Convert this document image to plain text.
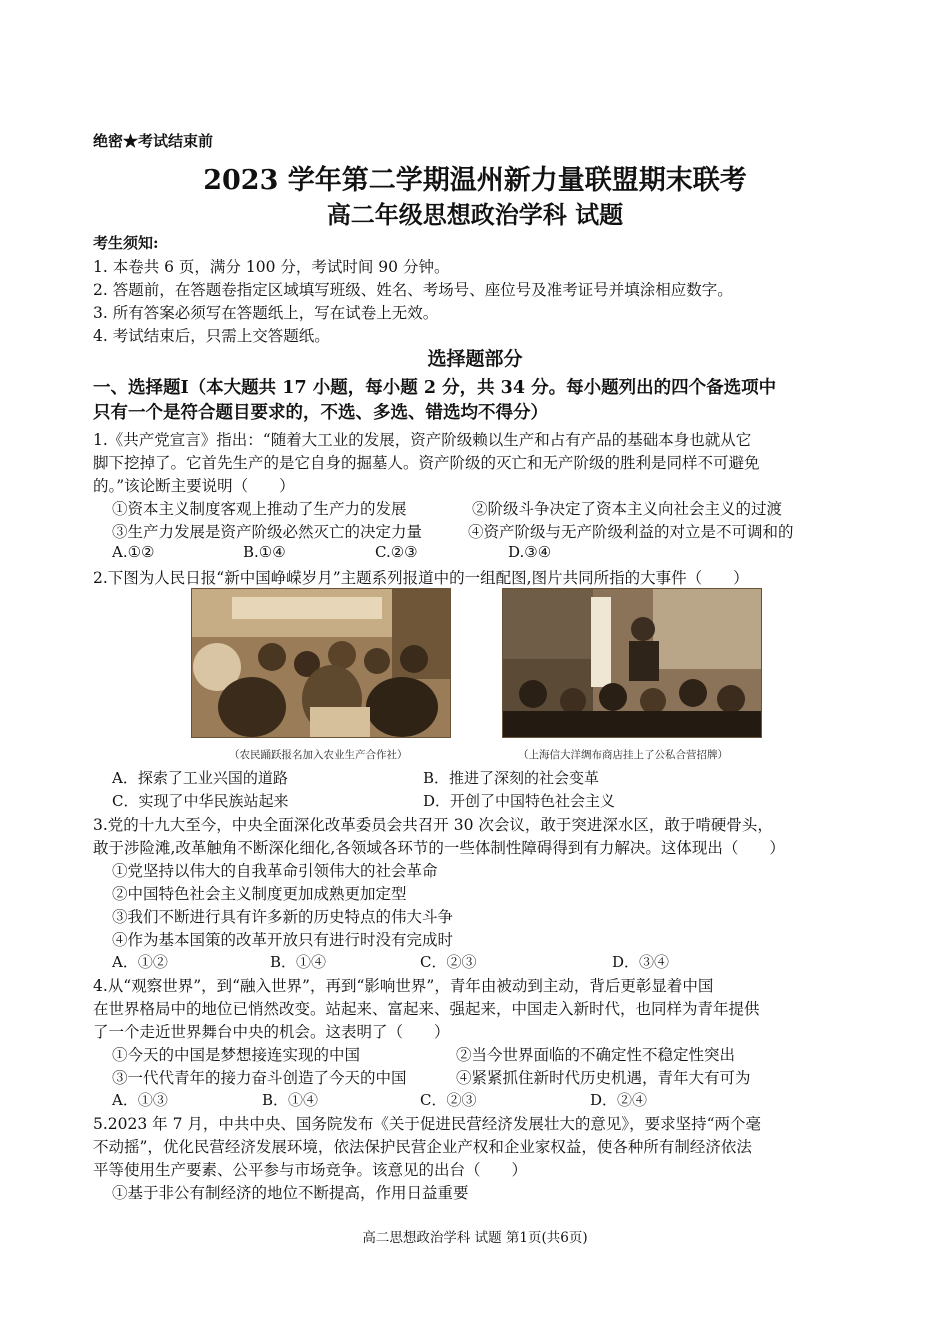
绝密★考试结束前
2023 学年第二学期温州新力量联盟期末联考
高二年级思想政治学科 试题
考生须知:
1. 本卷共 6 页，满分 100 分，考试时间 90 分钟。
2. 答题前，在答题卷指定区域填写班级、姓名、考场号、座位号及准考证号并填涂相应数字。
3. 所有答案必须写在答题纸上，写在试卷上无效。
4. 考试结束后，只需上交答题纸。
选择题部分
一、选择题Ⅰ（本大题共 17 小题，每小题 2 分，共 34 分。每小题列出的四个备选项中
只有一个是符合题目要求的，不选、多选、错选均不得分）
1.《共产党宣言》指出：“随着大工业的发展，资产阶级赖以生产和占有产品的基础本身也就从它
脚下挖掉了。它首先生产的是它自身的掘墓人。资产阶级的灭亡和无产阶级的胜利是同样不可避免
的。”该论断主要说明（　　）
①资本主义制度客观上推动了生产力的发展	②阶级斗争决定了资本主义向社会主义的过渡
③生产力发展是资产阶级必然灭亡的决定力量	④资产阶级与无产阶级利益的对立是不可调和的
A.①②	B.①④	C.②③	D.③④
2.下图为人民日报“新中国峥嵘岁月”主题系列报道中的一组配图,图片共同所指的大事件（　　）
（农民踊跃报名加入农业生产合作社）	（上海信大洋绸布商店挂上了公私合营招牌）
A．探索了工业兴国的道路	B．推进了深刻的社会变革
C．实现了中华民族站起来	D．开创了中国特色社会主义
3.党的十九大至今，中央全面深化改革委员会共召开 30 次会议，敢于突进深水区，敢于啃硬骨头，
敢于涉险滩,改革触角不断深化细化,各领域各环节的一些体制性障碍得到有力解决。这体现出（　　）
①党坚持以伟大的自我革命引领伟大的社会革命
②中国特色社会主义制度更加成熟更加定型
③我们不断进行具有许多新的历史特点的伟大斗争
④作为基本国策的改革开放只有进行时没有完成时
A．①②	B．①④	C．②③	D．③④
4.从“观察世界”，到“融入世界”，再到“影响世界”，青年由被动到主动，背后更彰显着中国
在世界格局中的地位已悄然改变。站起来、富起来、强起来，中国走入新时代，也同样为青年提供
了一个走近世界舞台中央的机会。这表明了（　　）
①今天的中国是梦想接连实现的中国	②当今世界面临的不确定性不稳定性突出
③一代代青年的接力奋斗创造了今天的中国	④紧紧抓住新时代历史机遇，青年大有可为
A．①③	B．①④	C．②③	D．②④
5.2023 年 7 月，中共中央、国务院发布《关于促进民营经济发展壮大的意见》，要求坚持“两个毫
不动摇”，优化民营经济发展环境，依法保护民营企业产权和企业家权益，使各种所有制经济依法
平等使用生产要素、公平参与市场竞争。该意见的出台（　　）
①基于非公有制经济的地位不断提高，作用日益重要
高二思想政治学科 试题 第1页(共6页)
